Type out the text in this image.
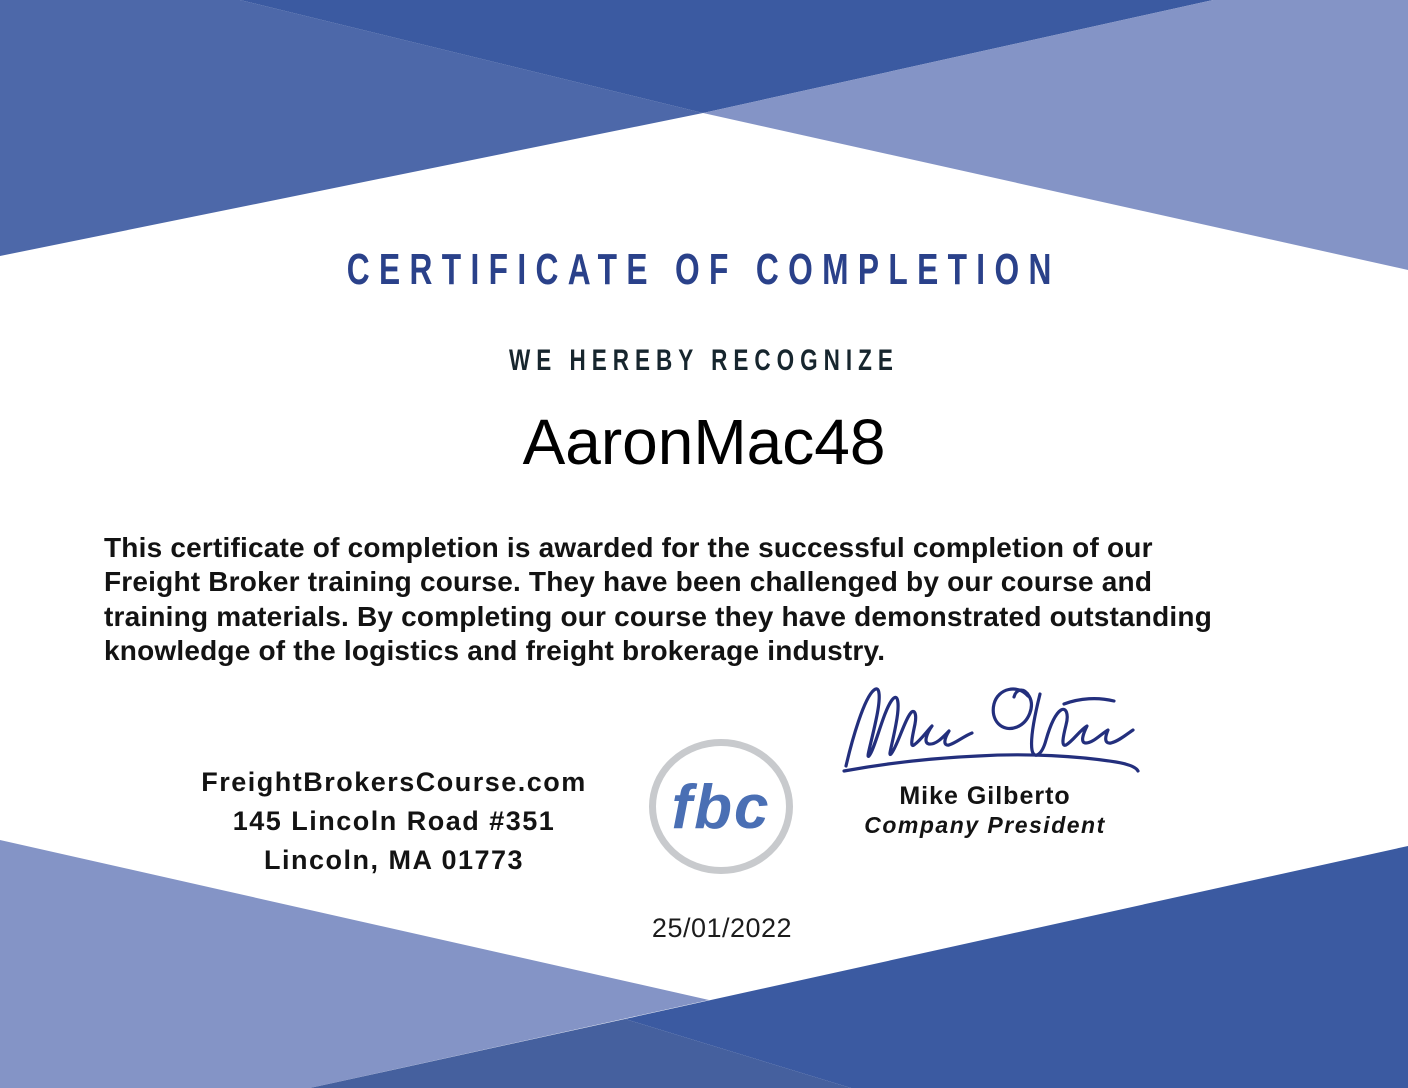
CERTIFICATE OF COMPLETION
WE HEREBY RECOGNIZE
AaronMac48
This certificate of completion is awarded for the successful completion of our
Freight Broker training course. They have been challenged by our course and
training materials. By completing our course they have demonstrated outstanding
knowledge of the logistics and freight brokerage industry.
FreightBrokersCourse.com
145 Lincoln Road #351
Lincoln, MA 01773
fbc	Mike Gilberto
Company President
25/01/2022
